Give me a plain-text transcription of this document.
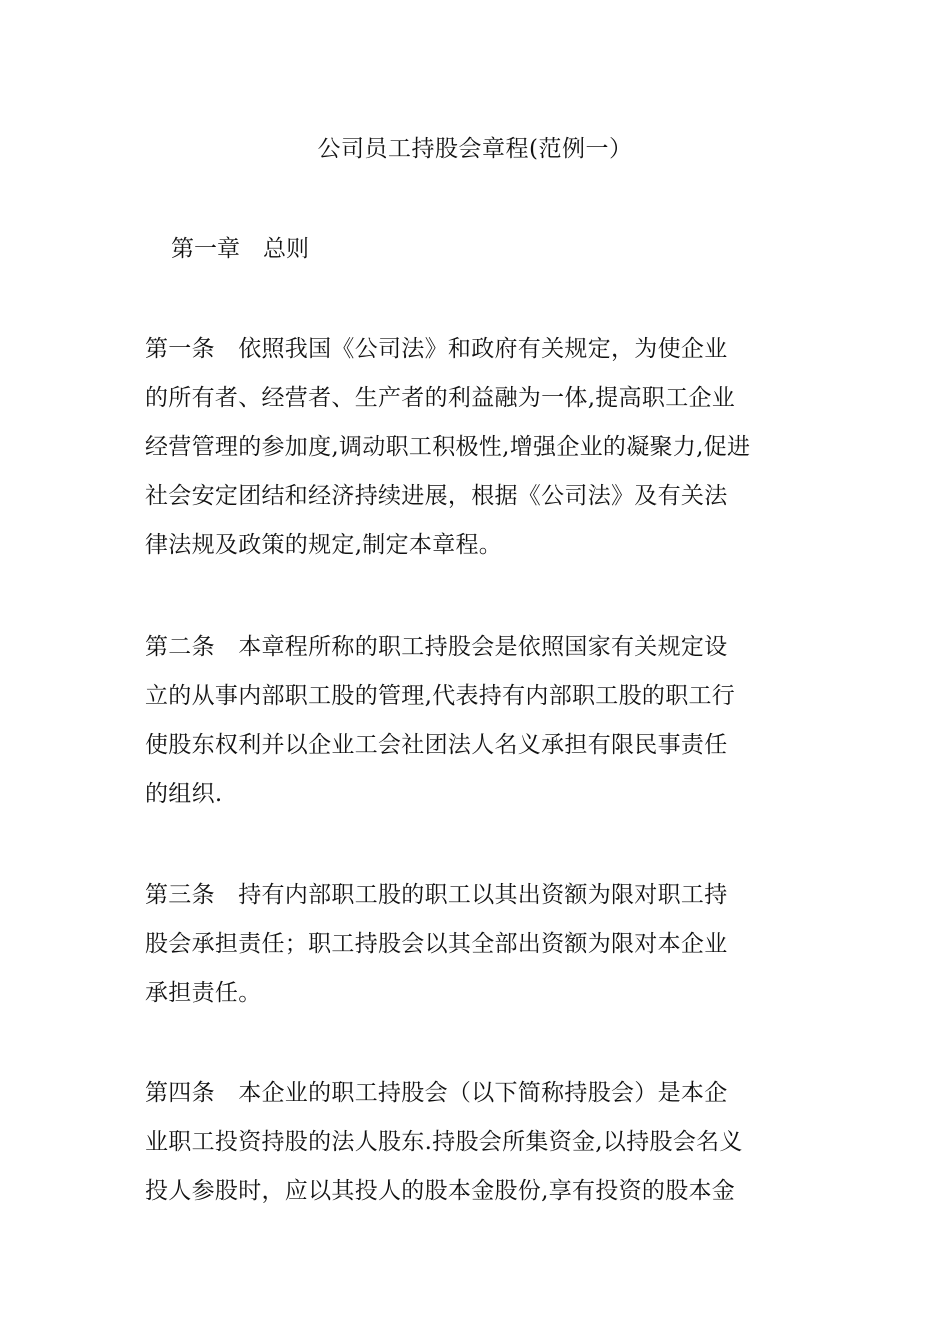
公司员工持股会章程(范例一）
第一章　总则
第一条　依照我国《公司法》和政府有关规定，为使企业
的所有者、经营者、生产者的利益融为一体,提高职工企业
经营管理的参加度,调动职工积极性,增强企业的凝聚力,促进
社会安定团结和经济持续进展，根据《公司法》及有关法
律法规及政策的规定,制定本章程。
第二条　本章程所称的职工持股会是依照国家有关规定设
立的从事内部职工股的管理,代表持有内部职工股的职工行
使股东权利并以企业工会社团法人名义承担有限民事责任
的组织.
第三条　持有内部职工股的职工以其出资额为限对职工持
股会承担责任；职工持股会以其全部出资额为限对本企业
承担责任。
第四条　本企业的职工持股会（以下简称持股会）是本企
业职工投资持股的法人股东.持股会所集资金,以持股会名义
投人参股时，应以其投人的股本金股份,享有投资的股本金
